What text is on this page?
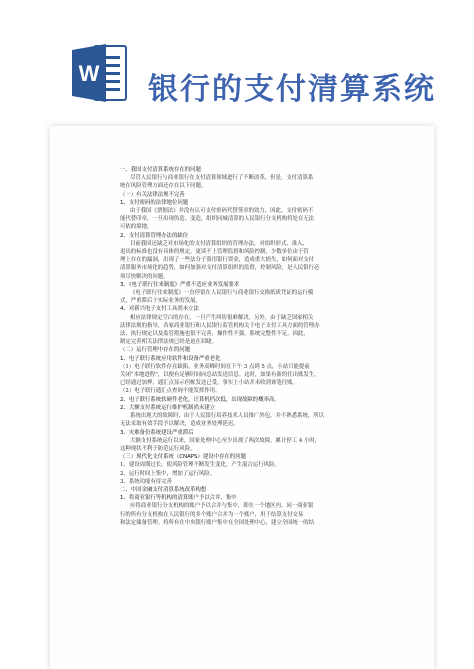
W 银行的支付清算系统

一、我国支付清算系统存在的问题

尽管人民银行与商业银行在支付清算领域进行了不断改革，但是，支付清算系

统在风险管理方面还存在以下问题。

（一）有关法律法规不完善

1、支付密码的法律地位问题

由于我国《票据法》并没有认可支付密码代替签章的效力，因此，支付密码不

能代替印章，一旦出现伪造、变造，组织同城清算的人民银行分支机构将处在无法

可依的境地。

2、支付清算管理办法的缺位

目前我国还缺乏对市场化的支付清算组织的管理办法，对组织形式、准入、

退出的标准也没有具体的规定，更谈不上管理监督和风险控制，少数单位由于管

理上存在的漏洞，出现了一些法分子盗用银行资金，造成重大损失，如何面对支付

清算服务市场化的趋势，如何加强对支付清算组织的监督，控制风险，是人民银行必

须尽快解决的问题。

3、《电子联行往来制度》严重不适应业务发展要求

《电子联行往来制度》一直停留在人民银行与商业银行交换纸质凭证的运行模

式，严重滞后于实际业务的发展。

4、对新兴电子支付工具尚未立法

相应法律规定空白的存在，一旦产生纠纷很难解决。另外，由于缺乏国家相关

法律法规的指导，各家商业银行和人民银行监管机构关于电子支付工具方面的管理办

法、执行规定以及监管措施也很不完善，操作性不强，系统完整性不足，因此，

制定完善相关法律法规已经是迫在眉睫。

（二）运行管理中存在的问题

1、电子联行系统应用软件和设备严重老化

（1）电子联行软件存在缺陷，业务高峰时间在下午 3 点到 5 点，小站只能提前

关闭“本地进程”，以便有足够时间向总站发送信息。这时，如果有新的往出账发生，

已经通过加押，通汇点显示但帐发送已受，事实上小站并未收到该笔往账。

（2）电子联行通汇点查询不能发挥作用。

2、电子联行系统软硬件老化，计算机档次低，出现故障的概率高。

2、大额支付系统运行维护机制尚未建立

系统出现大的故障时，由于人民银行培养技术人员推广外包，并不熟悉系统，所以

无法采取有效手段予以解决，造成业务处理延迟。

3、灾难备份系统建设严重滞后

大额支付系统运行以来，国家处理中心至少出现了两次故障，累计停工 4 小时，

这种现状不利于防范运行风险。

（三）现代化支付系统（CNAPS）建设中存在的问题

1、建设周期过长，使风险管理不断发生变化，产生混合运行风险。

2、运行时间上集中，增加了运行风险。

3、系统功能有待完善

二、中国金融支付清算系统改革构想

1、将商业银行等机构的清算账户予以合并、集中

应将商业银行分支机构的账户予以合并与集中，即在一个地区内，同一商业银

行的所有分支机构在人民银行的多个账户合并为一个账户，用于结算支付交易

和法定储备管理。将所有在中央银行账户集中在全国处理中心，建立全国统一的结
